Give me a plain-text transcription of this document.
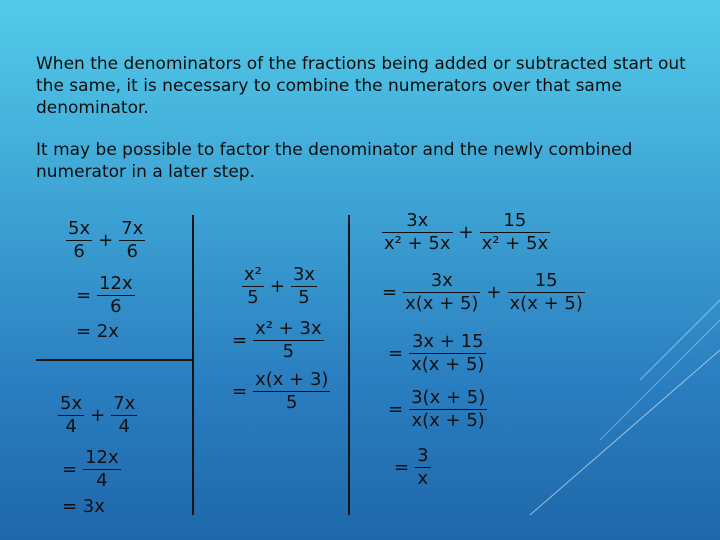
When the denominators of the fractions being added or subtracted start out the same, it is necessary to combine the numerators over that same denominator.

It may be possible to factor the denominator and the newly combined numerator in a later step.

$\frac{5x}{6} + \frac{7x}{6}$
= $\frac{12x}{6}$
= 2x
$\frac{5x}{4} + \frac{7x}{4}$
= $\frac{12x}{4}$
= 3x
$\frac{\text{x²}}{5} + \frac{3x}{5}$
= $\frac{\text{x² + 3x}}{5}$
= $\frac{x(x + 3)}{5}$
$\frac{3x}{\text{x² + 5x}} + \frac{15}{\text{x² + 5x}}$
= $\frac{3x}{x(x + 5)} + \frac{15}{x(x + 5)}$
= $\frac{3x + 15}{x(x + 5)}$
= $\frac{3(x + 5)}{x(x + 5)}$
= $\frac{3}{x}$
